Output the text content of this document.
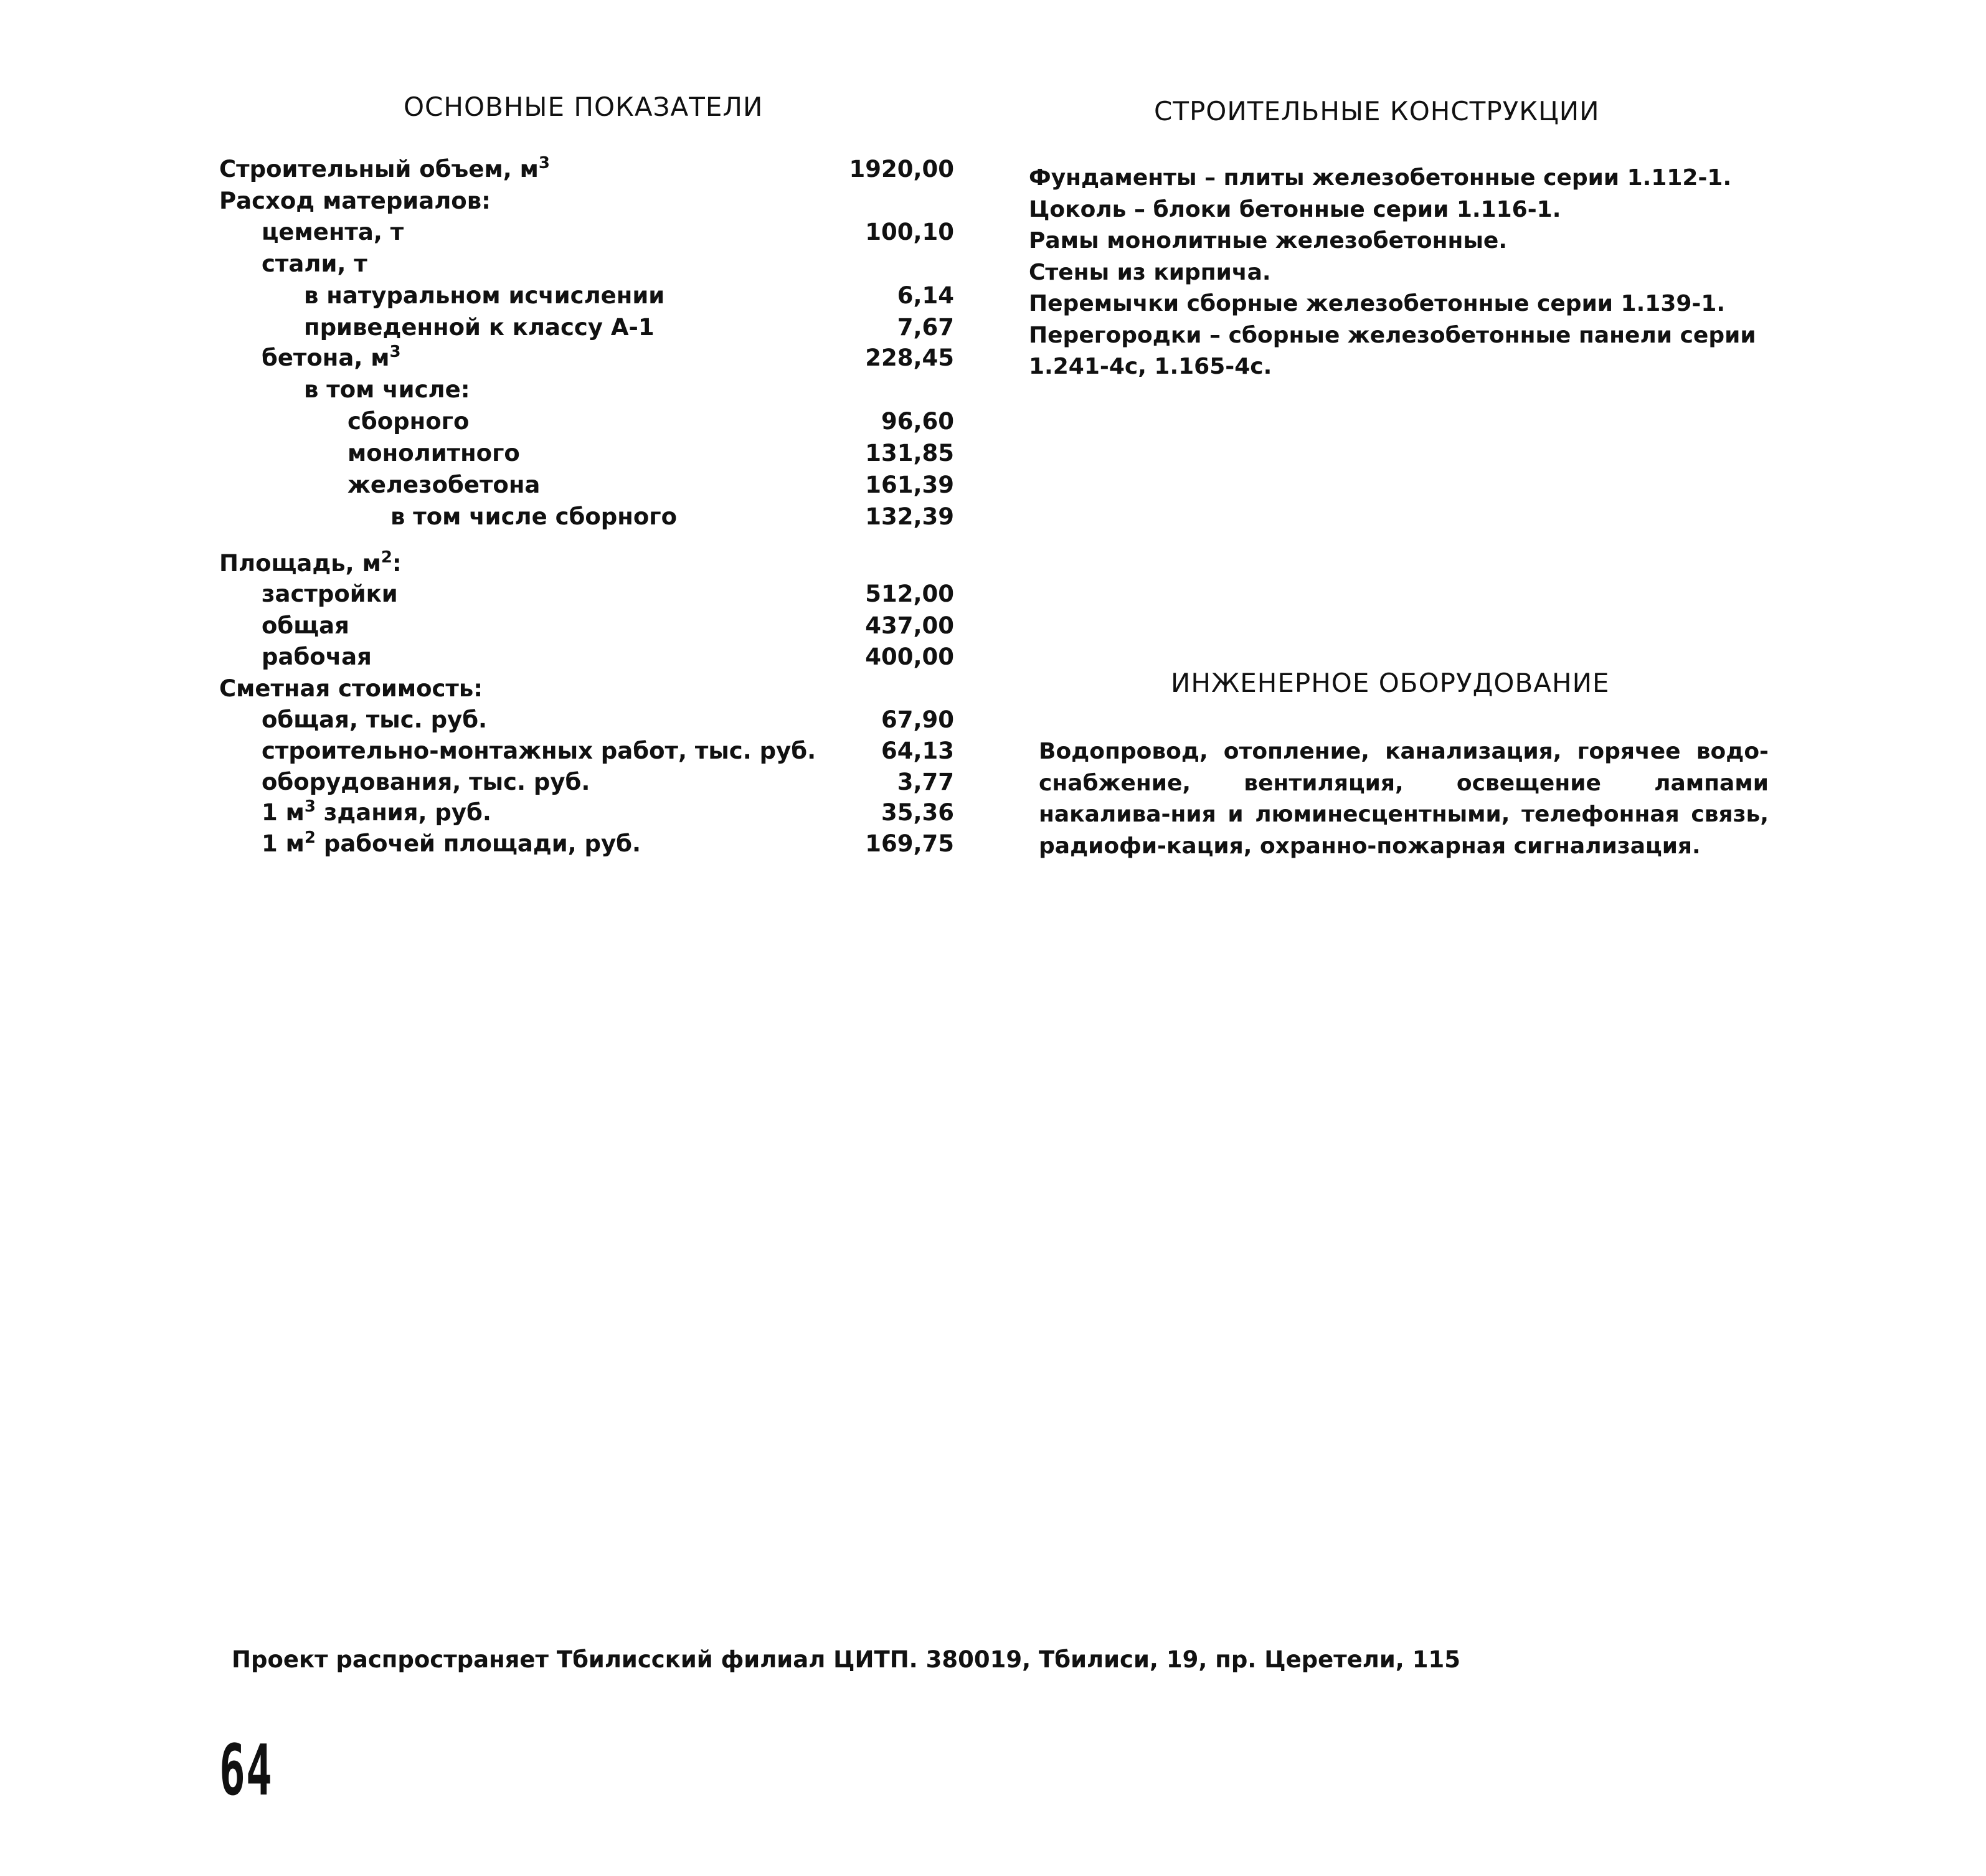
ОСНОВНЫЕ ПОКАЗАТЕЛИ
Строительный объем, $м^3$	1920,00
Расход материалов:
цемента, т	100,10
стали, т
в натуральном исчислении	6,14
приведенной к классу А-1	7,67
бетона, $м^3$	228,45
в том числе:
сборного	96,60
монолитного	131,85
железобетона	161,39
в том числе сборного	132,39
Площадь, $м^2$:
застройки	512,00
общая	437,00
рабочая	400,00
Сметная стоимость:
общая, тыс. руб.	67,90
строительно-монтажных работ, тыс. руб.	64,13
оборудования, тыс. руб.	3,77
1 $м^3$ здания, руб.	35,36
1 $м^2$ рабочей площади, руб.	169,75
СТРОИТЕЛЬНЫЕ КОНСТРУКЦИИ
Фундаменты – плиты железобетонные серии 1.112-1.
Цоколь – блоки бетонные серии 1.116-1.
Рамы монолитные железобетонные.
Стены из кирпича.
Перемычки сборные железобетонные серии 1.139-1.
Перегородки – сборные железобетонные панели серии
1.241-4с, 1.165-4с.
ИНЖЕНЕРНОЕ ОБОРУДОВАНИЕ
Водопровод, отопление, канализация, горячее водо-снабжение, вентиляция, освещение лампами накалива-ния и люминесцентными, телефонная связь, радиофи-кация, охранно-пожарная сигнализация.
Проект распространяет Тбилисский филиал ЦИТП. 380019, Тбилиси, 19, пр. Церетели, 115
64
